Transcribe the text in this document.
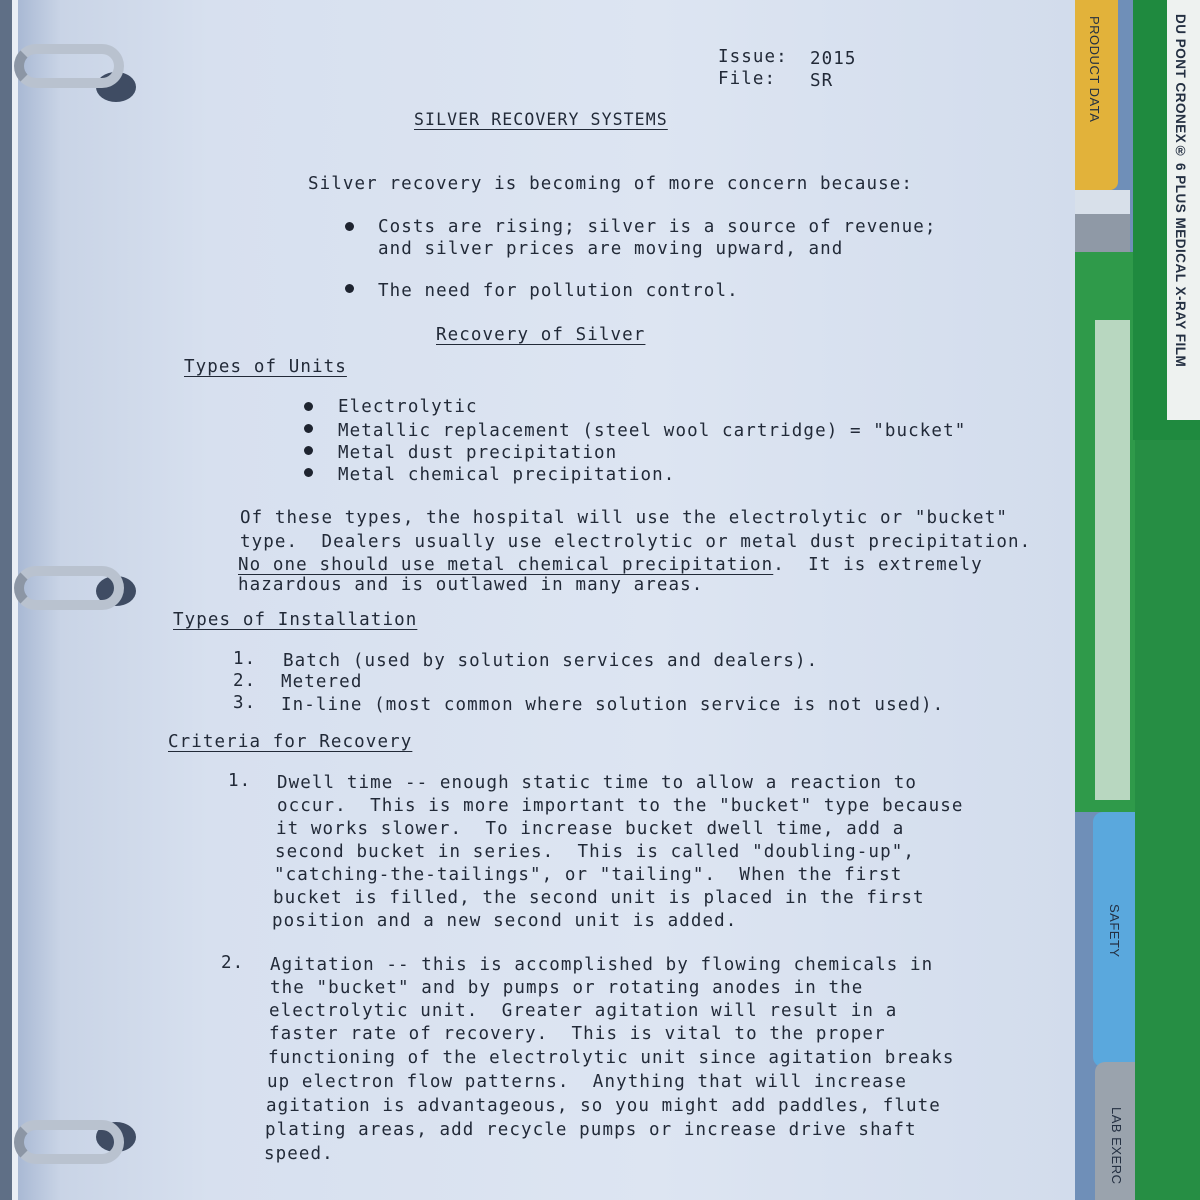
Issue: 2015
File: SR
SILVER RECOVERY SYSTEMS
Silver recovery is becoming of more concern because:
Costs are rising; silver is a source of revenue;
and silver prices are moving upward, and
The need for pollution control.
Recovery of Silver
Types of Units
Electrolytic
Metallic replacement (steel wool cartridge) = "bucket"
Metal dust precipitation
Metal chemical precipitation.
Of these types, the hospital will use the electrolytic or "bucket"
type.  Dealers usually use electrolytic or metal dust precipitation.
No one should use metal chemical precipitation.  It is extremely
hazardous and is outlawed in many areas.
Types of Installation
1. Batch (used by solution services and dealers).
2. Metered
3. In-line (most common where solution service is not used).
Criteria for Recovery
1. Dwell time -- enough static time to allow a reaction to
occur.  This is more important to the "bucket" type because
it works slower.  To increase bucket dwell time, add a
second bucket in series.  This is called "doubling-up",
"catching-the-tailings", or "tailing".  When the first
bucket is filled, the second unit is placed in the first
position and a new second unit is added.
2. Agitation -- this is accomplished by flowing chemicals in
the "bucket" and by pumps or rotating anodes in the
electrolytic unit.  Greater agitation will result in a
faster rate of recovery.  This is vital to the proper
functioning of the electrolytic unit since agitation breaks
up electron flow patterns.  Anything that will increase
agitation is advantageous, so you might add paddles, flute
plating areas, add recycle pumps or increase drive shaft
speed.
PRODUCT DATA
SAFETY
LAB EXERC
DU PONT CRONEX® 6 PLUS MEDICAL X-RAY FILM
